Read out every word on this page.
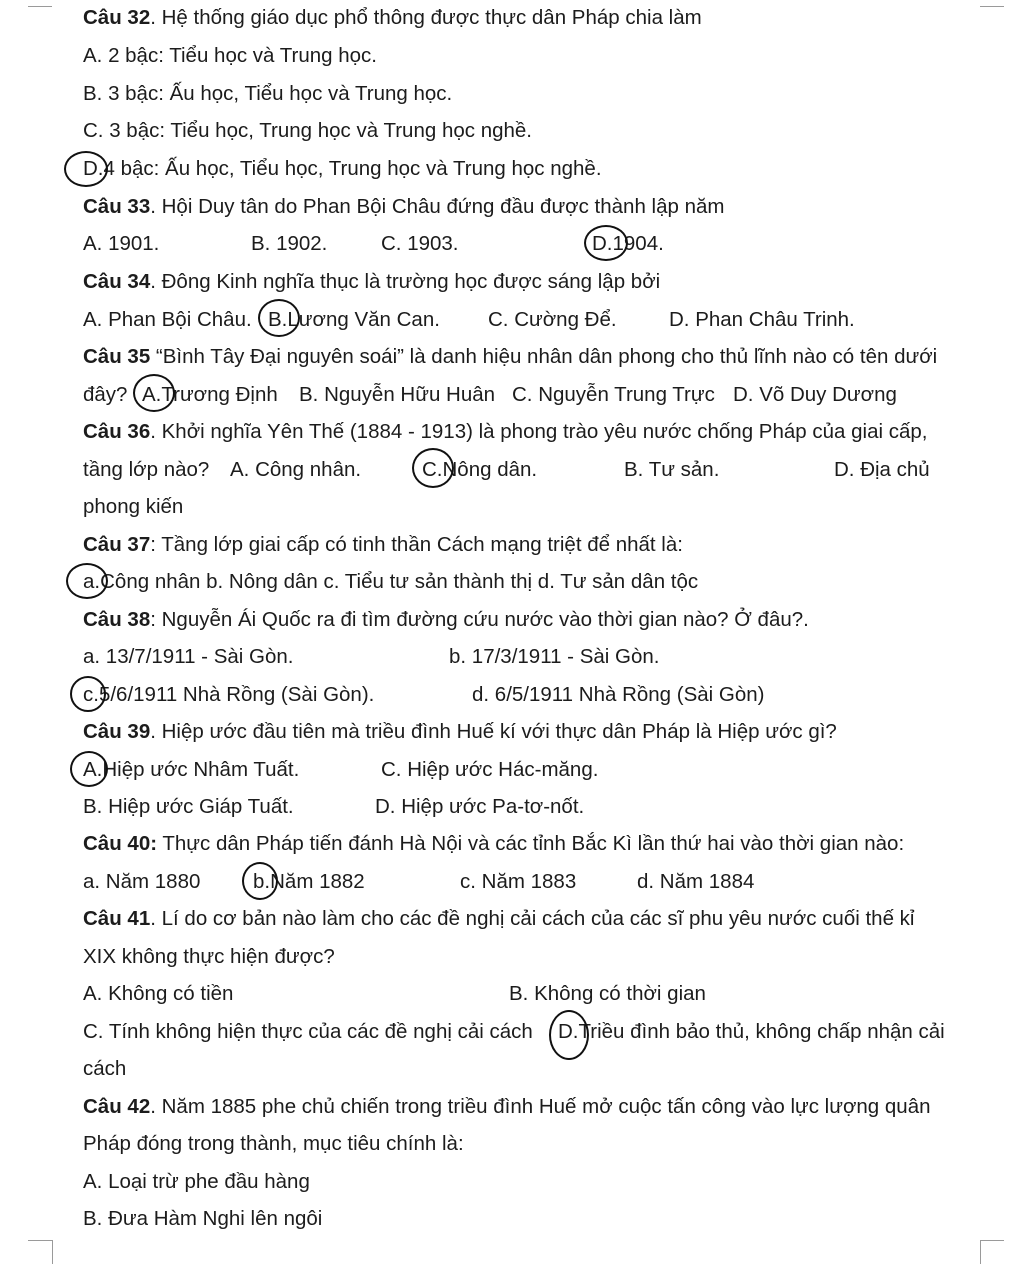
Câu 32. Hệ thống giáo dục phổ thông được thực dân Pháp chia làm
A. 2 bậc: Tiểu học và Trung học.
B. 3 bậc: Ấu học, Tiểu học và Trung học.
C. 3 bậc: Tiểu học, Trung học và Trung học nghề.
D.4 bậc: Ấu học, Tiểu học, Trung học và Trung học nghề.
Câu 33. Hội Duy tân do Phan Bội Châu đứng đầu được thành lập năm
A. 1901.	B. 1902.	C. 1903.	D.1904.
Câu 34. Đông Kinh nghĩa thục là trường học được sáng lập bởi
A. Phan Bội Châu. B.Lương Văn Can. C. Cường Để.	D. Phan Châu Trinh.
Câu 35 “Bình Tây Đại nguyên soái” là danh hiệu nhân dân phong cho thủ lĩnh nào có tên dưới
đây? A.Trương Định B. Nguyễn Hữu Huân C. Nguyễn Trung Trực D. Võ Duy Dương
Câu 36. Khởi nghĩa Yên Thế (1884 - 1913) là phong trào yêu nước chống Pháp của giai cấp,
tầng lớp nào? A. Công nhân.	C.Nông dân.	B. Tư sản.	D. Địa chủ
phong kiến
Câu 37: Tầng lớp giai cấp có tinh thần Cách mạng triệt để nhất là:
a.Công nhân b. Nông dân c. Tiểu tư sản thành thị d. Tư sản dân tộc
Câu 38: Nguyễn Ái Quốc ra đi tìm đường cứu nước vào thời gian nào? Ở đâu?.
a. 13/7/1911 - Sài Gòn.	b. 17/3/1911 - Sài Gòn.
c.5/6/1911 Nhà Rồng (Sài Gòn).	d. 6/5/1911 Nhà Rồng (Sài Gòn)
Câu 39. Hiệp ước đầu tiên mà triều đình Huế kí với thực dân Pháp là Hiệp ước gì?
A.Hiệp ước Nhâm Tuất.	C. Hiệp ước Hác-măng.
B. Hiệp ước Giáp Tuất.	D. Hiệp ước Pa-tơ-nốt.
Câu 40: Thực dân Pháp tiến đánh Hà Nội và các tỉnh Bắc Kì lần thứ hai vào thời gian nào:
a. Năm 1880	b.Năm 1882	c. Năm 1883	d. Năm 1884
Câu 41. Lí do cơ bản nào làm cho các đề nghị cải cách của các sĩ phu yêu nước cuối thế kỉ
XIX không thực hiện được?
A. Không có tiền	B. Không có thời gian
C. Tính không hiện thực của các đề nghị cải cách D.Triều đình bảo thủ, không chấp nhận cải
cách
Câu 42. Năm 1885 phe chủ chiến trong triều đình Huế mở cuộc tấn công vào lực lượng quân
Pháp đóng trong thành, mục tiêu chính là:
A. Loại trừ phe đầu hàng
B. Đưa Hàm Nghi lên ngôi
